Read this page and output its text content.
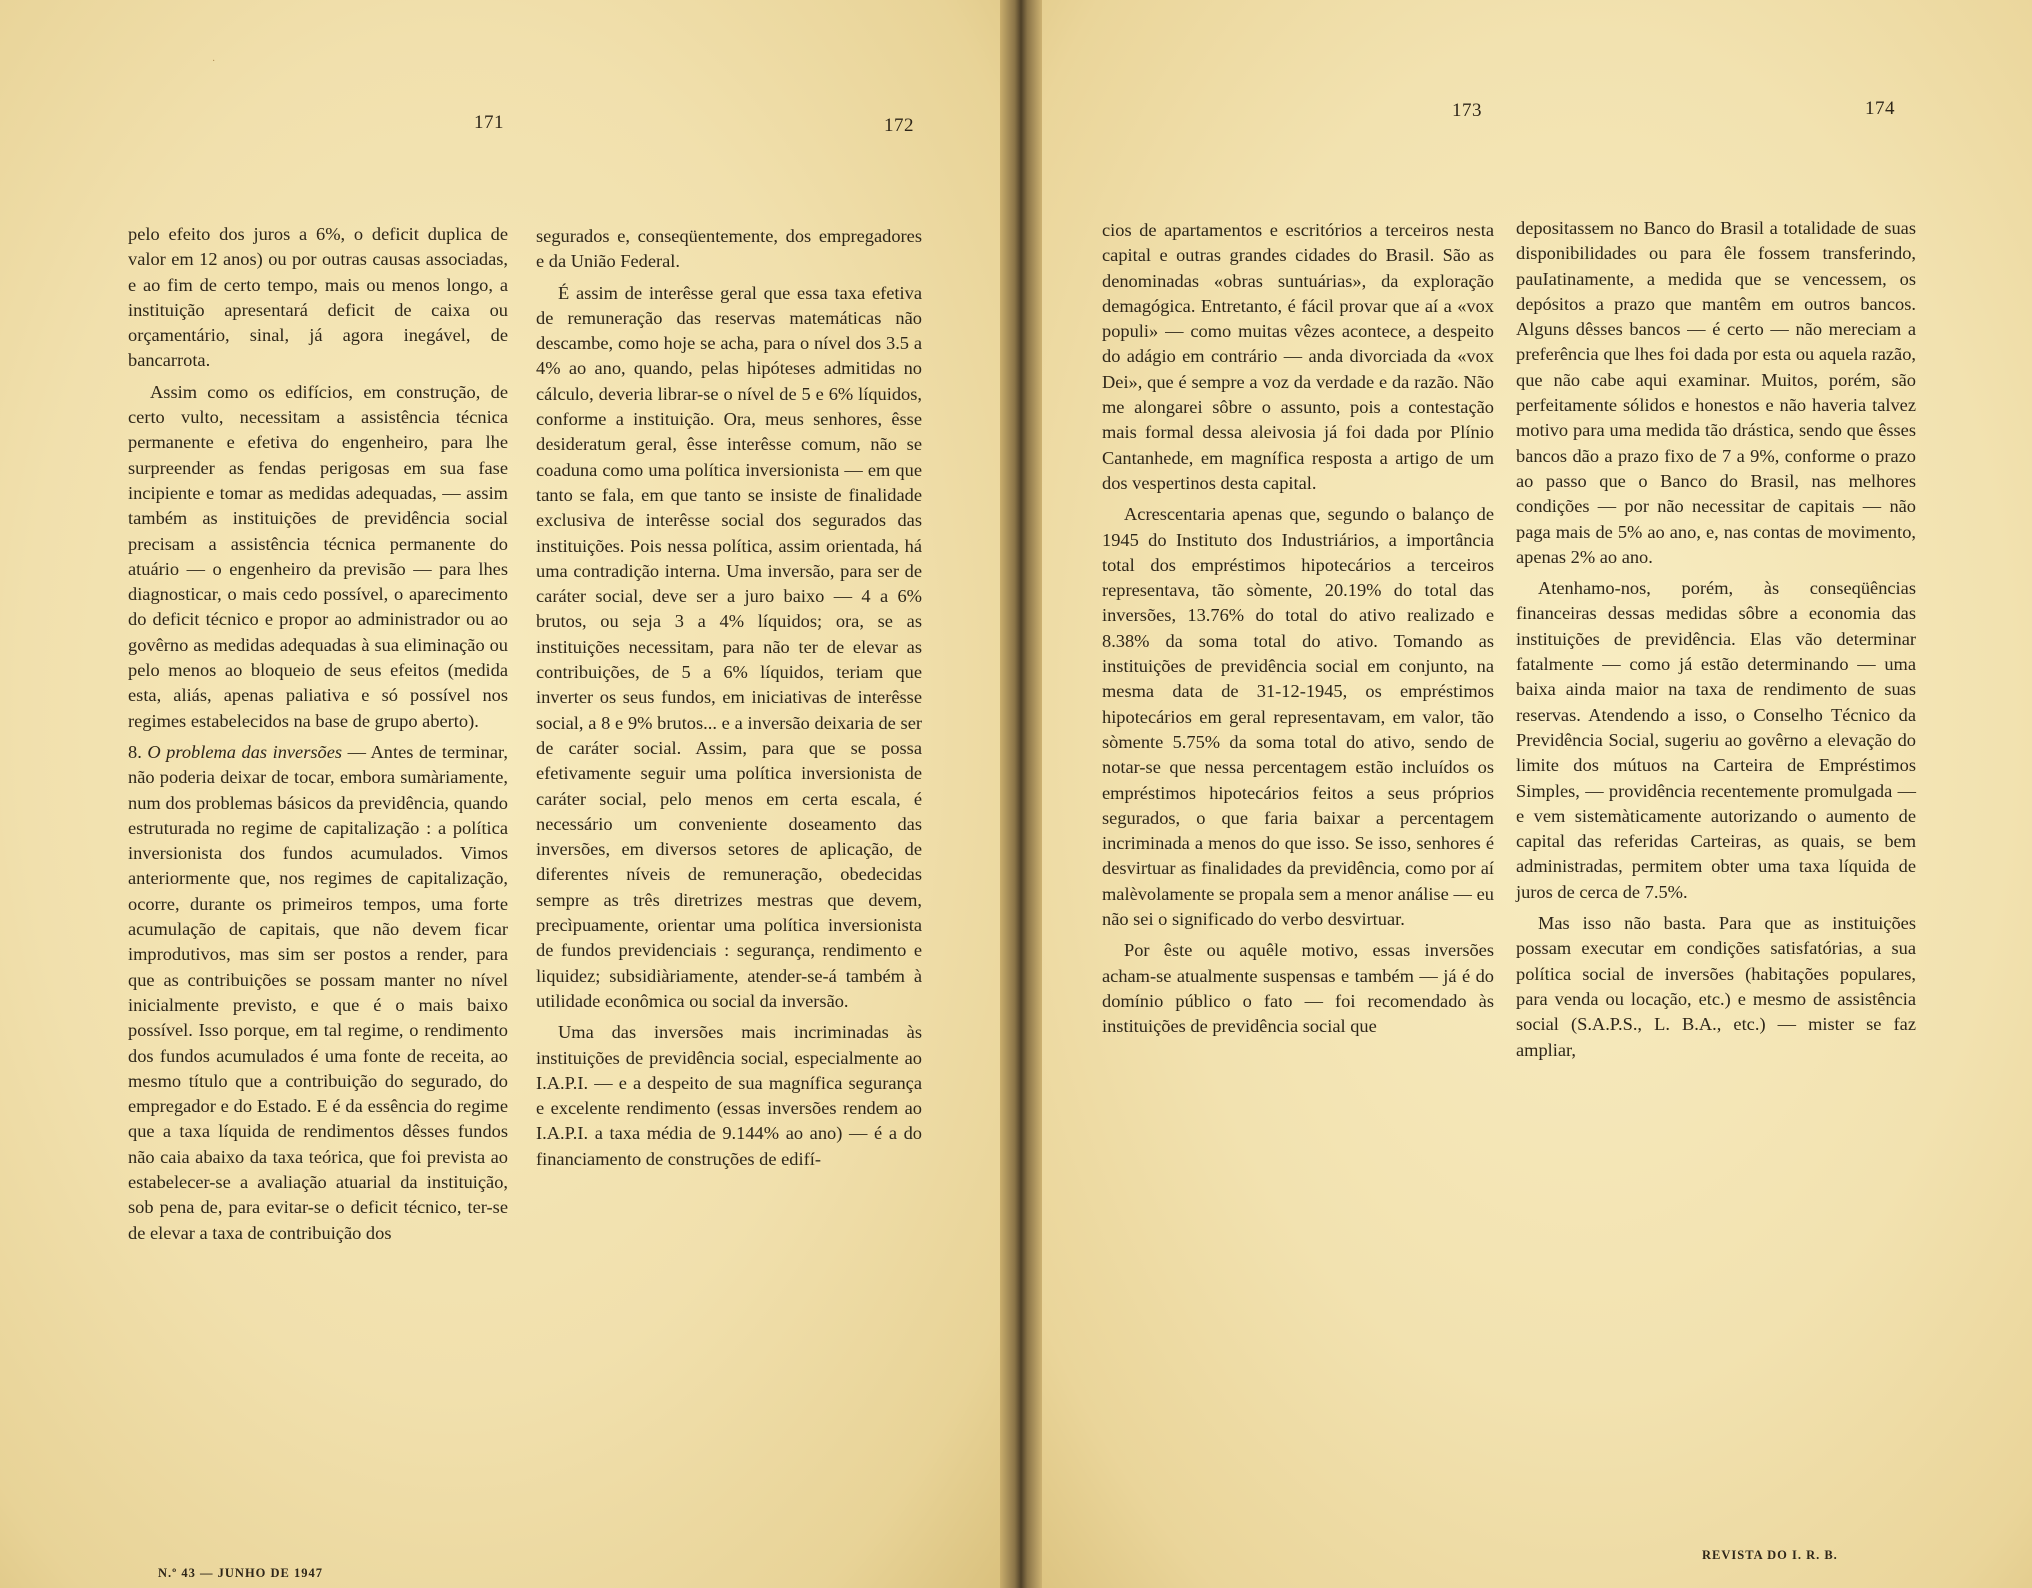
·
171	172
173	174

pelo efeito dos juros a 6%, o deficit duplica de valor em 12 anos) ou por outras causas associadas, e ao fim de certo tempo, mais ou menos longo, a instituição apresentará deficit de caixa ou orçamentário, sinal, já agora inegável, de bancarrota.

Assim como os edifícios, em construção, de certo vulto, necessitam a assistência técnica permanente e efetiva do engenheiro, para lhe surpreender as fendas perigosas em sua fase incipiente e tomar as medidas adequadas, — assim também as instituições de previdência social precisam a assistência técnica permanente do atuário — o engenheiro da previsão — para lhes diagnosticar, o mais cedo possível, o aparecimento do deficit técnico e propor ao administrador ou ao govêrno as medidas adequadas à sua eliminação ou pelo menos ao bloqueio de seus efeitos (medida esta, aliás, apenas paliativa e só possível nos regimes estabelecidos na base de grupo aberto).

8. O problema das inversões — Antes de terminar, não poderia deixar de tocar, embora sumàriamente, num dos problemas básicos da previdência, quando estruturada no regime de capitalização : a política inversionista dos fundos acumulados. Vimos anteriormente que, nos regimes de capitalização, ocorre, durante os primeiros tempos, uma forte acumulação de capitais, que não devem ficar improdutivos, mas sim ser postos a render, para que as contribuições se possam manter no nível inicialmente previsto, e que é o mais baixo possível. Isso porque, em tal regime, o rendimento dos fundos acumulados é uma fonte de receita, ao mesmo título que a contribuição do segurado, do empregador e do Estado. E é da essência do regime que a taxa líquida de rendimentos dêsses fundos não caia abaixo da taxa teórica, que foi prevista ao estabelecer-se a avaliação atuarial da instituição, sob pena de, para evitar-se o deficit técnico, ter-se de elevar a taxa de contribuição dos

segurados e, conseqüentemente, dos empregadores e da União Federal.

É assim de interêsse geral que essa taxa efetiva de remuneração das reservas matemáticas não descambe, como hoje se acha, para o nível dos 3.5 a 4% ao ano, quando, pelas hipóteses admitidas no cálculo, deveria librar-se o nível de 5 e 6% líquidos, conforme a instituição. Ora, meus senhores, êsse desideratum geral, êsse interêsse comum, não se coaduna como uma política inversionista — em que tanto se fala, em que tanto se insiste de finalidade exclusiva de interêsse social dos segurados das instituições. Pois nessa política, assim orientada, há uma contradição interna. Uma inversão, para ser de caráter social, deve ser a juro baixo — 4 a 6% brutos, ou seja 3 a 4% líquidos; ora, se as instituições necessitam, para não ter de elevar as contribuições, de 5 a 6% líquidos, teriam que inverter os seus fundos, em iniciativas de interêsse social, a 8 e 9% brutos... e a inversão deixaria de ser de caráter social. Assim, para que se possa efetivamente seguir uma política inversionista de caráter social, pelo menos em certa escala, é necessário um conveniente doseamento das inversões, em diversos setores de aplicação, de diferentes níveis de remuneração, obedecidas sempre as três diretrizes mestras que devem, precìpuamente, orientar uma política inversionista de fundos previdenciais : segurança, rendimento e liquidez; subsidiàriamente, atender-se-á também à utilidade econômica ou social da inversão.

Uma das inversões mais incriminadas às instituições de previdência social, especialmente ao I.A.P.I. — e a despeito de sua magnífica segurança e excelente rendimento (essas inversões rendem ao I.A.P.I. a taxa média de 9.144% ao ano) — é a do financiamento de construções de edifí-

cios de apartamentos e escritórios a terceiros nesta capital e outras grandes cidades do Brasil. São as denominadas «obras suntuárias», da exploração demagógica. Entretanto, é fácil provar que aí a «vox populi» — como muitas vêzes acontece, a despeito do adágio em contrário — anda divorciada da «vox Dei», que é sempre a voz da verdade e da razão. Não me alongarei sôbre o assunto, pois a contestação mais formal dessa aleivosia já foi dada por Plínio Cantanhede, em magnífica resposta a artigo de um dos vespertinos desta capital.

Acrescentaria apenas que, segundo o balanço de 1945 do Instituto dos Industriários, a importância total dos empréstimos hipotecários a terceiros representava, tão sòmente, 20.19% do total das inversões, 13.76% do total do ativo realizado e 8.38% da soma total do ativo. Tomando as instituições de previdência social em conjunto, na mesma data de 31-12-1945, os empréstimos hipotecários em geral representavam, em valor, tão sòmente 5.75% da soma total do ativo, sendo de notar-se que nessa percentagem estão incluídos os empréstimos hipotecários feitos a seus próprios segurados, o que faria baixar a percentagem incriminada a menos do que isso. Se isso, senhores é desvirtuar as finalidades da previdência, como por aí malèvolamente se propala sem a menor análise — eu não sei o significado do verbo desvirtuar.

Por êste ou aquêle motivo, essas inversões acham-se atualmente suspensas e também — já é do domínio público o fato — foi recomendado às instituições de previdência social que

depositassem no Banco do Brasil a totalidade de suas disponibilidades ou para êle fossem transferindo, pauIatinamente, a medida que se vencessem, os depósitos a prazo que mantêm em outros bancos. Alguns dêsses bancos — é certo — não mereciam a preferência que lhes foi dada por esta ou aquela razão, que não cabe aqui examinar. Muitos, porém, são perfeitamente sólidos e honestos e não haveria talvez motivo para uma medida tão drástica, sendo que êsses bancos dão a prazo fixo de 7 a 9%, conforme o prazo ao passo que o Banco do Brasil, nas melhores condições — por não necessitar de capitais — não paga mais de 5% ao ano, e, nas contas de movimento, apenas 2% ao ano.

Atenhamo-nos, porém, às conseqüências financeiras dessas medidas sôbre a economia das instituições de previdência. Elas vão determinar fatalmente — como já estão determinando — uma baixa ainda maior na taxa de rendimento de suas reservas. Atendendo a isso, o Conselho Técnico da Previdência Social, sugeriu ao govêrno a elevação do limite dos mútuos na Carteira de Empréstimos Simples, — providência recentemente promulgada — e vem sistemàticamente autorizando o aumento de capital das referidas Carteiras, as quais, se bem administradas, permitem obter uma taxa líquida de juros de cerca de 7.5%.

Mas isso não basta. Para que as instituições possam executar em condições satisfatórias, a sua política social de inversões (habitações populares, para venda ou locação, etc.) e mesmo de assistência social (S.A.P.S., L. B.A., etc.) — mister se faz ampliar,

N.º 43 — JUNHO DE 1947
REVISTA DO I. R. B.
